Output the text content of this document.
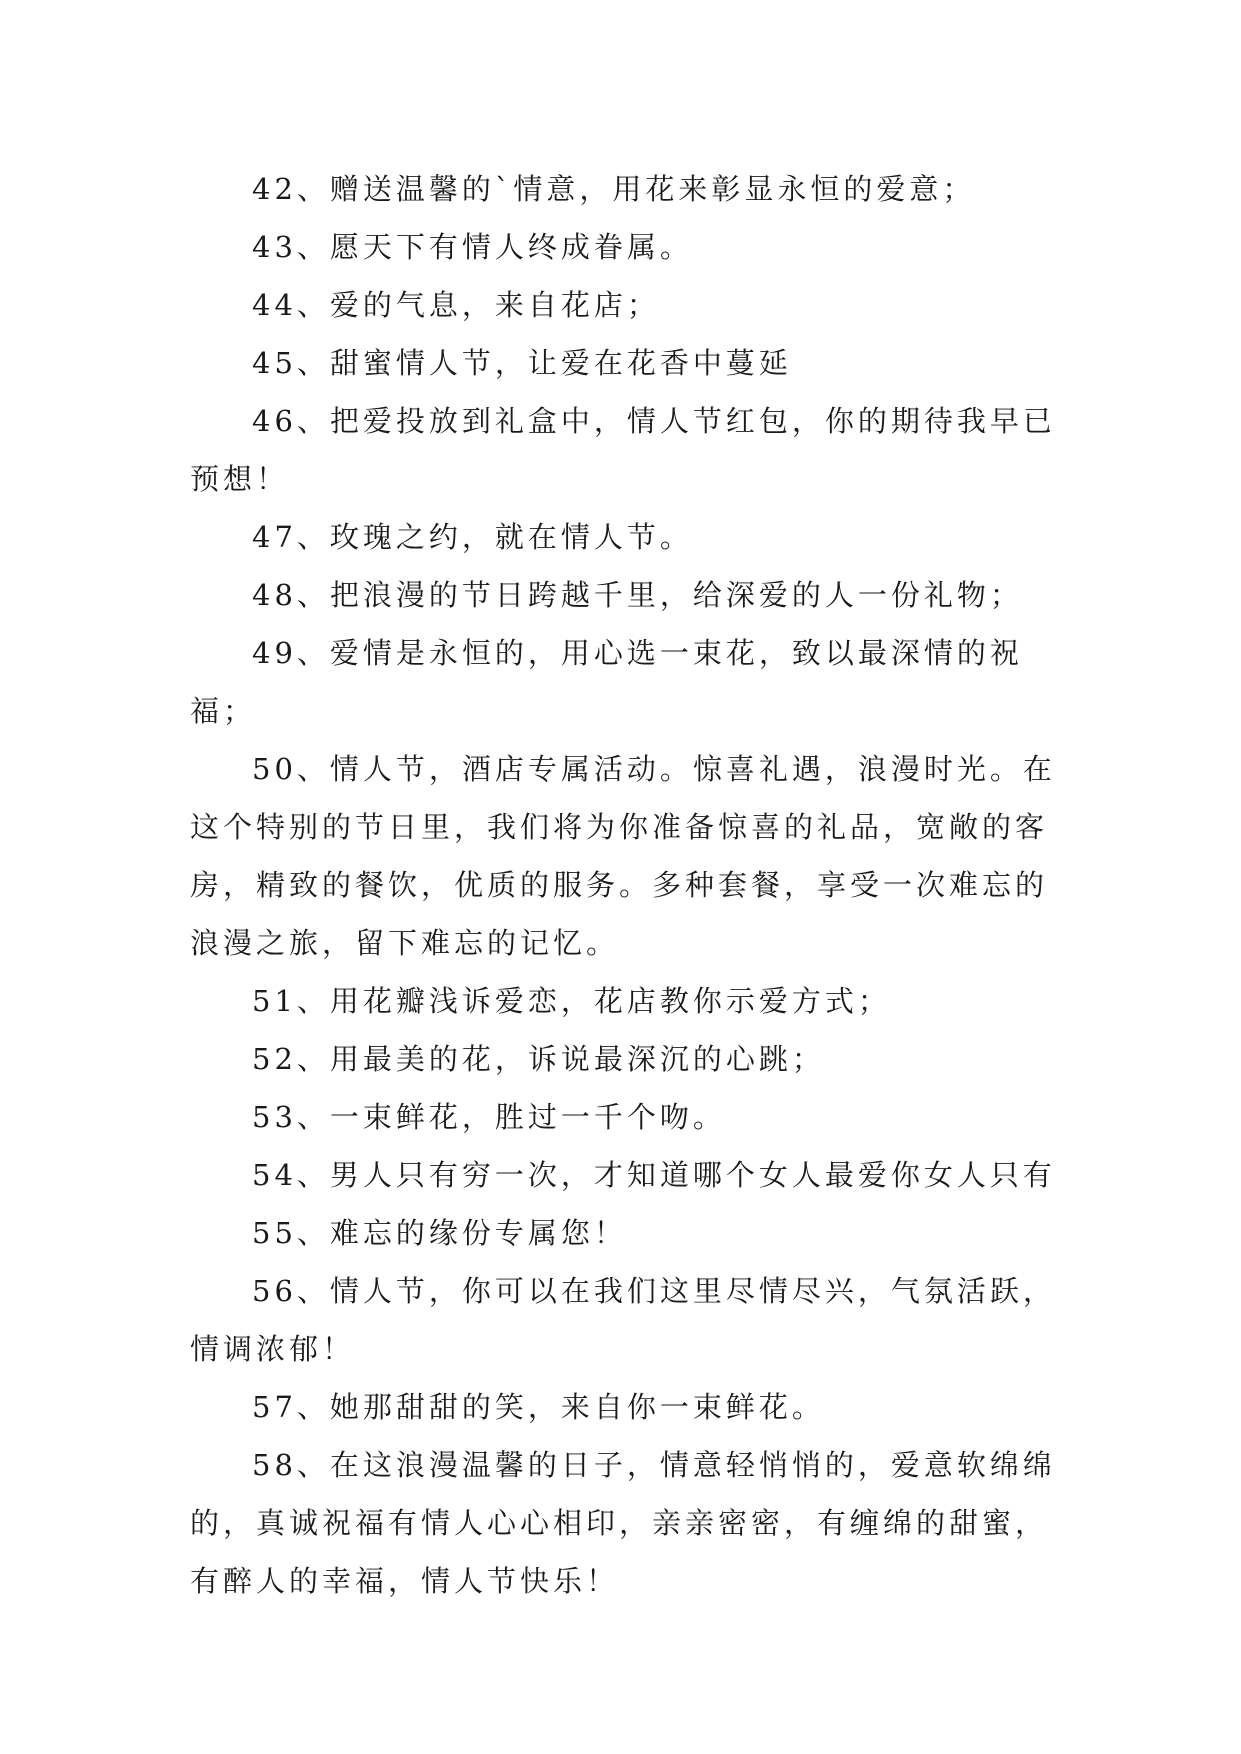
42、赠送温馨的`情意，用花来彰显永恒的爱意；

43、愿天下有情人终成眷属。

44、爱的气息，来自花店；

45、甜蜜情人节，让爱在花香中蔓延

46、把爱投放到礼盒中，情人节红包，你的期待我早已预想！

47、玫瑰之约，就在情人节。

48、把浪漫的节日跨越千里，给深爱的人一份礼物；

49、爱情是永恒的，用心选一束花，致以最深情的祝福；

50、情人节，酒店专属活动。惊喜礼遇，浪漫时光。在这个特别的节日里，我们将为你准备惊喜的礼品，宽敞的客房，精致的餐饮，优质的服务。多种套餐，享受一次难忘的浪漫之旅，留下难忘的记忆。

51、用花瓣浅诉爱恋，花店教你示爱方式；

52、用最美的花，诉说最深沉的心跳；

53、一束鲜花，胜过一千个吻。

54、男人只有穷一次，才知道哪个女人最爱你女人只有

55、难忘的缘份专属您！

56、情人节，你可以在我们这里尽情尽兴，气氛活跃，情调浓郁！

57、她那甜甜的笑，来自你一束鲜花。

58、在这浪漫温馨的日子，情意轻悄悄的，爱意软绵绵的，真诚祝福有情人心心相印，亲亲密密，有缠绵的甜蜜，有醉人的幸福，情人节快乐！
